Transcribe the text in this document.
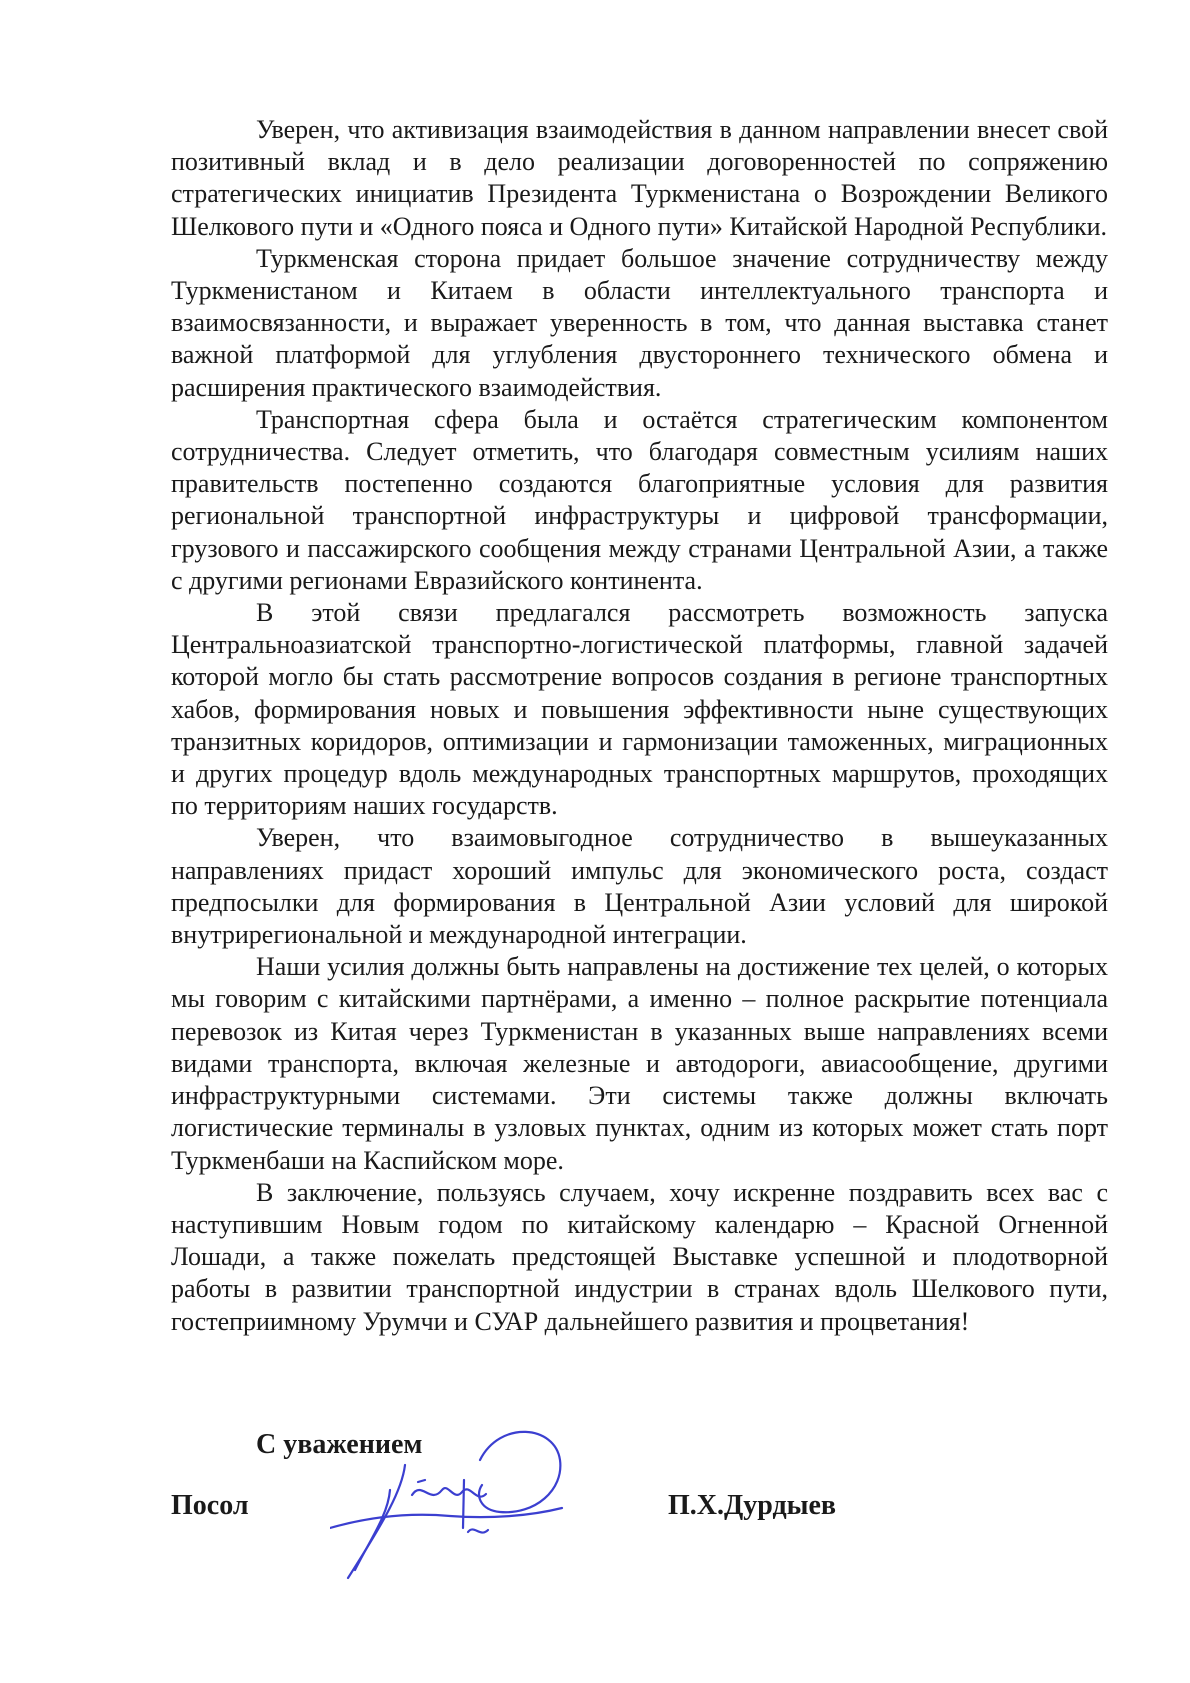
Уверен, что активизация взаимодействия в данном направлении внесет свой позитивный вклад и в дело реализации договоренностей по сопряжению стратегических инициатив Президента Туркменистана о Возрождении Великого Шелкового пути и «Одного пояса и Одного пути» Китайской Народной Республики.

Туркменская сторона придает большое значение сотрудничеству между Туркменистаном и Китаем в области интеллектуального транспорта и взаимосвязанности, и выражает уверенность в том, что данная выставка станет важной платформой для углубления двустороннего технического обмена и расширения практического взаимодействия.

Транспортная сфера была и остаётся стратегическим компонентом сотрудничества. Следует отметить, что благодаря совместным усилиям наших правительств постепенно создаются благоприятные условия для развития региональной транспортной инфраструктуры и цифровой трансформации, грузового и пассажирского сообщения между странами Центральной Азии, а также с другими регионами Евразийского континента.

В этой связи предлагался рассмотреть возможность запуска Центральноазиатской транспортно-логистической платформы, главной задачей которой могло бы стать рассмотрение вопросов создания в регионе транспортных хабов, формирования новых и повышения эффективности ныне существующих транзитных коридоров, оптимизации и гармонизации таможенных, миграционных и других процедур вдоль международных транспортных маршрутов, проходящих по территориям наших государств.

Уверен, что взаимовыгодное сотрудничество в вышеуказанных направлениях придаст хороший импульс для экономического роста, создаст предпосылки для формирования в Центральной Азии условий для широкой внутрирегиональной и международной интеграции.

Наши усилия должны быть направлены на достижение тех целей, о которых мы говорим с китайскими партнёрами, а именно – полное раскрытие потенциала перевозок из Китая через Туркменистан в указанных выше направлениях всеми видами транспорта, включая железные и автодороги, авиасообщение, другими инфраструктурными системами. Эти системы также должны включать логистические терминалы в узловых пунктах, одним из которых может стать порт Туркменбаши на Каспийском море.

В заключение, пользуясь случаем, хочу искренне поздравить всех вас с наступившим Новым годом по китайскому календарю – Красной Огненной Лошади, а также пожелать предстоящей Выставке успешной и плодотворной работы в развитии транспортной индустрии в странах вдоль Шелкового пути, гостеприимному Урумчи и СУАР дальнейшего развития и процветания!

С уважением

Посол	П.Х.Дурдыев
